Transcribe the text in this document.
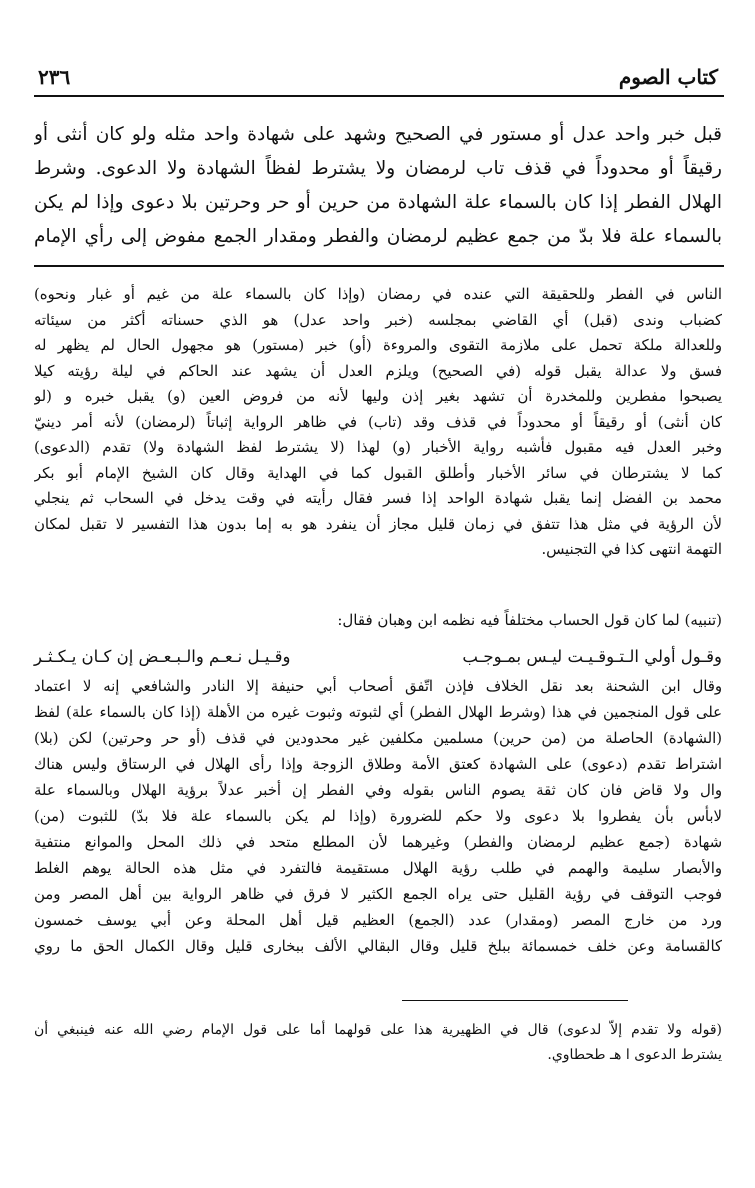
٢٣٦	كتاب الصوم
قبل خبر واحد عدل أو مستور في الصحيح وشهد على شهادة واحد مثله ولو كان أنثى أو
رقيقاً أو محدوداً في قذف تاب لرمضان ولا يشترط لفظاً الشهادة ولا الدعوى. وشرط
الهلال الفطر إذا كان بالسماء علة الشهادة من حرين أو حر وحرتين بلا دعوى وإذا لم يكن
بالسماء علة فلا بدّ من جمع عظيم لرمضان والفطر ومقدار الجمع مفوض إلى رأي الإمام
الناس في الفطر وللحقيقة التي عنده في رمضان (وإذا كان بالسماء علة من غيم أو غبار ونحوه)
كضباب وندى (قبل) أي القاضي بمجلسه (خبر واحد عدل) هو الذي حسناته أكثر من سيئاته
وللعدالة ملكة تحمل على ملازمة التقوى والمروءة (أو) خبر (مستور) هو مجهول الحال لم يظهر له
فسق ولا عدالة يقبل قوله (في الصحيح) ويلزم العدل أن يشهد عند الحاكم في ليلة رؤيته كيلا
يصبحوا مفطرين وللمخدرة أن تشهد بغير إذن وليها لأنه من فروض العين (و) يقبل خبره و (لو
كان أنثى) أو رقيقاً أو محدوداً في قذف وقد (تاب) في ظاهر الرواية إثباتاً (لرمضان) لأنه أمر دينيّ
وخبر العدل فيه مقبول فأشبه رواية الأخبار (و) لهذا (لا يشترط لفظ الشهادة ولا) تقدم (الدعوى)
كما لا يشترطان في سائر الأخبار وأطلق القبول كما في الهداية وقال كان الشيخ الإمام أبو بكر
محمد بن الفضل إنما يقبل شهادة الواحد إذا فسر فقال رأيته في وقت يدخل في السحاب ثم ينجلي
لأن الرؤية في مثل هذا تتفق في زمان قليل مجاز أن ينفرد هو به إما بدون هذا التفسير لا تقبل لمكان
التهمة انتهى كذا في التجنيس.
(تنبيه) لما كان قول الحساب مختلفاً فيه نظمه ابن وهبان فقال:
وقـول أولي الـتـوقـيـت ليـس بمـوجـب
وقـيـل نـعـم والـبـعـض إن كـان يـكـثـر
وقال ابن الشحنة بعد نقل الخلاف فإذن اتّفق أصحاب أبي حنيفة إلا النادر والشافعي إنه لا اعتماد
على قول المنجمين في هذا (وشرط الهلال الفطر) أي لثبوته وثبوت غيره من الأهلة (إذا كان بالسماء علة) لفظ
(الشهادة) الحاصلة من (من حرين) مسلمين مكلفين غير محدودين في قذف (أو حر وحرتين) لكن (بلا)
اشتراط تقدم (دعوى) على الشهادة كعتق الأمة وطلاق الزوجة وإذا رأى الهلال في الرستاق وليس هناك
وال ولا قاض فان كان ثقة يصوم الناس بقوله وفي الفطر إن أخبر عدلاً برؤية الهلال وبالسماء علة
لابأس بأن يفطروا بلا دعوى ولا حكم للضرورة (وإذا لم يكن بالسماء علة فلا بدّ) للثبوت (من)
شهادة (جمع عظيم لرمضان والفطر) وغيرهما لأن المطلع متحد في ذلك المحل والموانع منتفية
والأبصار سليمة والهمم في طلب رؤية الهلال مستقيمة فالتفرد في مثل هذه الحالة يوهم الغلط
فوجب التوقف في رؤية القليل حتى يراه الجمع الكثير لا فرق في ظاهر الرواية بين أهل المصر ومن
ورد من خارج المصر (ومقدار) عدد (الجمع) العظيم قيل أهل المحلة وعن أبي يوسف خمسون
كالقسامة وعن خلف خمسمائة ببلخ قليل وقال البقالي الألف ببخارى قليل وقال الكمال الحق ما روي
(قوله ولا تقدم إلاّ لدعوى) قال في الظهيرية هذا على قولهما أما على قول الإمام رضي الله عنه فينبغي أن
يشترط الدعوى ا هـ طحطاوي.
